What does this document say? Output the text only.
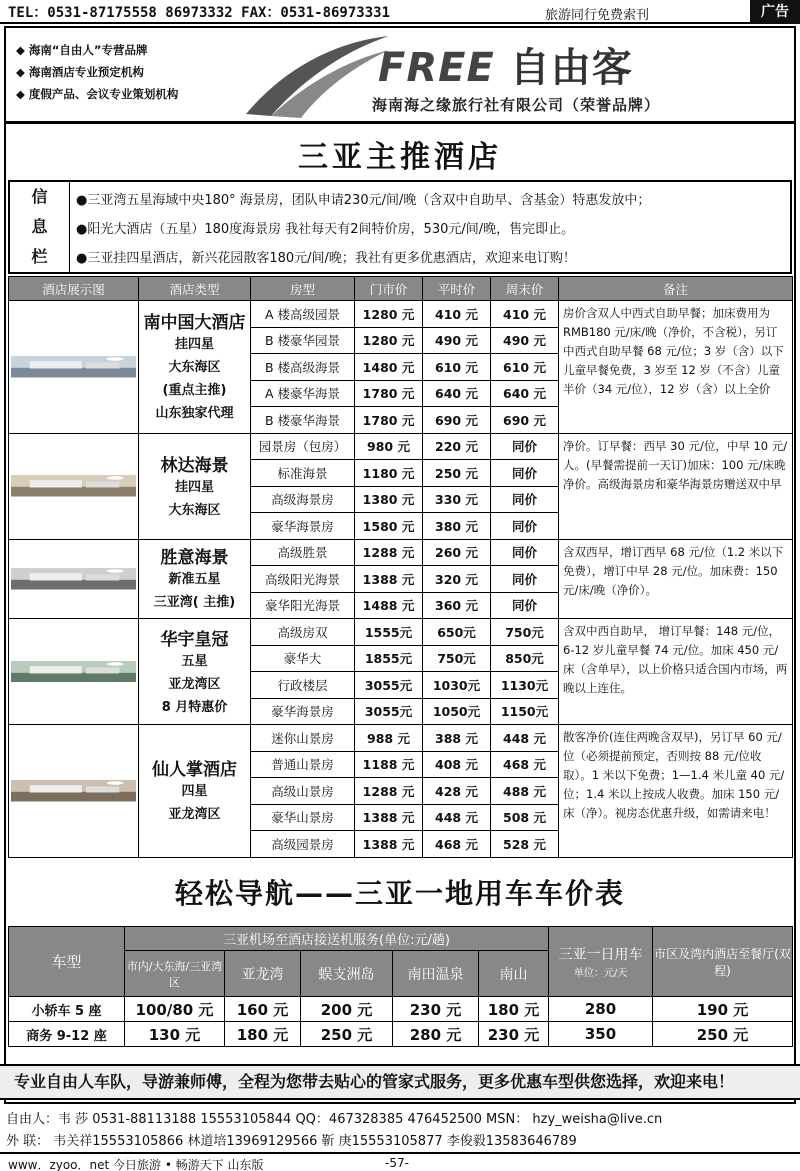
TEL：0531-87175558 86973332 FAX：0531-86973331	旅游同行免费索刊	广告
◆ 海南“自由人”专营品牌
◆ 海南酒店专业预定机构
◆ 度假产品、会议专业策划机构
FREE 自由客
海南海之缘旅行社有限公司（荣誉品牌）
三亚主推酒店
信
息
栏
●三亚湾五星海域中央180° 海景房，团队申请230元/间/晚（含双中自助早、含基金）特惠发放中；
●阳光大酒店（五星）180度海景房 我社每天有2间特价房，530元/间/晚，售完即止。
●三亚挂四星酒店，新兴花园散客180元/间/晚；我社有更多优惠酒店，欢迎来电订购！
酒店展示图	酒店类型	房型	门市价	平时价	周末价	备注

南中国大酒店
挂四星
大东海区
(重点主推)
山东独家代理	A 楼高级园景	1280 元	410 元	410 元	房价含双人中西式自助早餐；加床费用为 RMB180 元/床/晚（净价，不含税），另订中西式自助早餐 68 元/位；3 岁（含）以下儿童早餐免费，3 岁至 12 岁（不含）儿童半价（34 元/位），12 岁（含）以上全价
		B 楼豪华园景	1280 元	490 元	490 元	
		B 楼高级海景	1480 元	610 元	610 元	
		A 楼豪华海景	1780 元	640 元	640 元	
		B 楼豪华海景	1780 元	690 元	690 元	

林达海景
挂四星
大东海区	园景房（包房）	980 元	220 元	同价	净价。订早餐：西早 30 元/位，中早 10 元/人。(早餐需提前一天订)加床：100 元/床晚净价。高级海景房和豪华海景房赠送双中早
		标准海景	1180 元	250 元	同价	
		高级海景房	1380 元	330 元	同价	
		豪华海景房	1580 元	380 元	同价	

胜意海景
新准五星
三亚湾( 主推)	高级胜景	1288 元	260 元	同价	含双西早，增订西早 68 元/位（1.2 米以下免费），增订中早 28 元/位。加床费：150 元/床/晚（净价）。
		高级阳光海景	1388 元	320 元	同价	
		豪华阳光海景	1488 元	360 元	同价	

华宇皇冠
五星
亚龙湾区
8 月特惠价	高级房双	1555元	650元	750元	含双中西自助早， 增订早餐：148 元/位，6-12 岁儿童早餐 74 元/位。加床 450 元/床（含单早），以上价格只适合国内市场，两晚以上连住。
		豪华大	1855元	750元	850元	
		行政楼层	3055元	1030元	1130元	
		豪华海景房	3055元	1050元	1150元	

仙人掌酒店
四星
亚龙湾区	迷你山景房	988 元	388 元	448 元	散客净价(连住两晚含双早)，另订早 60 元/位（必须提前预定，否则按 88 元/位收取）。1 米以下免费；1—1.4 米儿童 40 元/位；1.4 米以上按成人收费。加床 150 元/床（净）。视房态优惠升级，如需请来电！
		普通山景房	1188 元	408 元	468 元	
		高级山景房	1288 元	428 元	488 元	
		豪华山景房	1388 元	448 元	508 元	
		高级园景房	1388 元	468 元	528 元	
轻松导航——三亚一地用车车价表
车型	三亚机场至酒店接送机服务(单位:元/趟)					三亚一日用车
单位：元/天	市区及湾内酒店至餐厅(双程)
	市内/大东海/三亚湾区	亚龙湾	蜈支洲岛	南田温泉	南山		
小轿车 5 座	100/80 元	160 元	200 元	230 元	180 元	280	190 元
商务 9-12 座	130 元	180 元	250 元	280 元	230 元	350	250 元
专业自由人车队，导游兼师傅，全程为您带去贴心的管家式服务，更多优惠车型供您选择，欢迎来电！
自由人：韦 莎 0531-88113188 15553105844 QQ：467328385 476452500 MSN： hzy_weisha@live.cn
外 联： 韦关祥15553105866 林道培13969129566 靳 庚15553105877 李俊毅13583646789
www．zyoo．net 今日旅游 • 畅游天下 山东版	-57-
